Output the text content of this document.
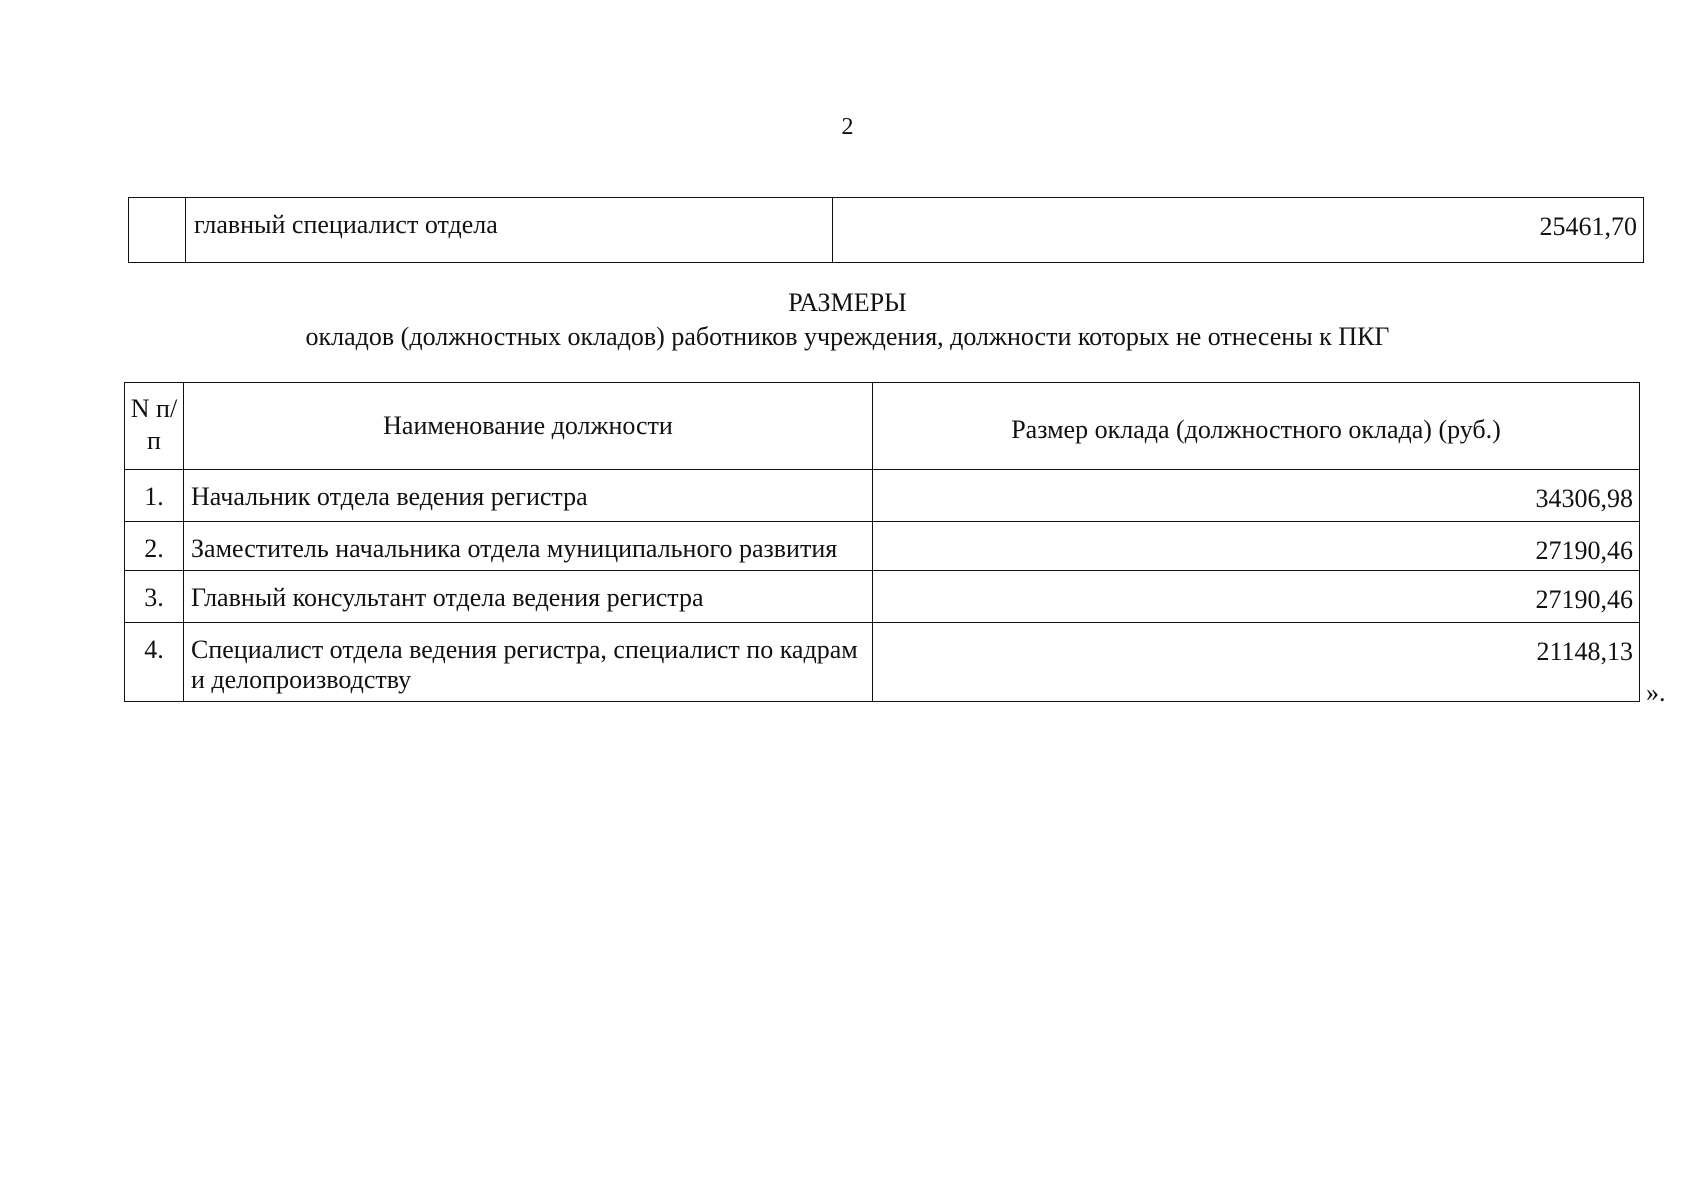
2
	главный специалист отдела	25461,70
РАЗМЕРЫ
окладов (должностных окладов) работников учреждения, должности которых не отнесены к ПКГ
N п/п	Наименование должности	Размер оклада (должностного оклада) (руб.)
1.	Начальник отдела ведения регистра	34306,98
2.	Заместитель начальника отдела муниципального развития	27190,46
3.	Главный консультант отдела ведения регистра	27190,46
4.	Специалист отдела ведения регистра, специалист по кадрам и делопроизводству	21148,13
».
